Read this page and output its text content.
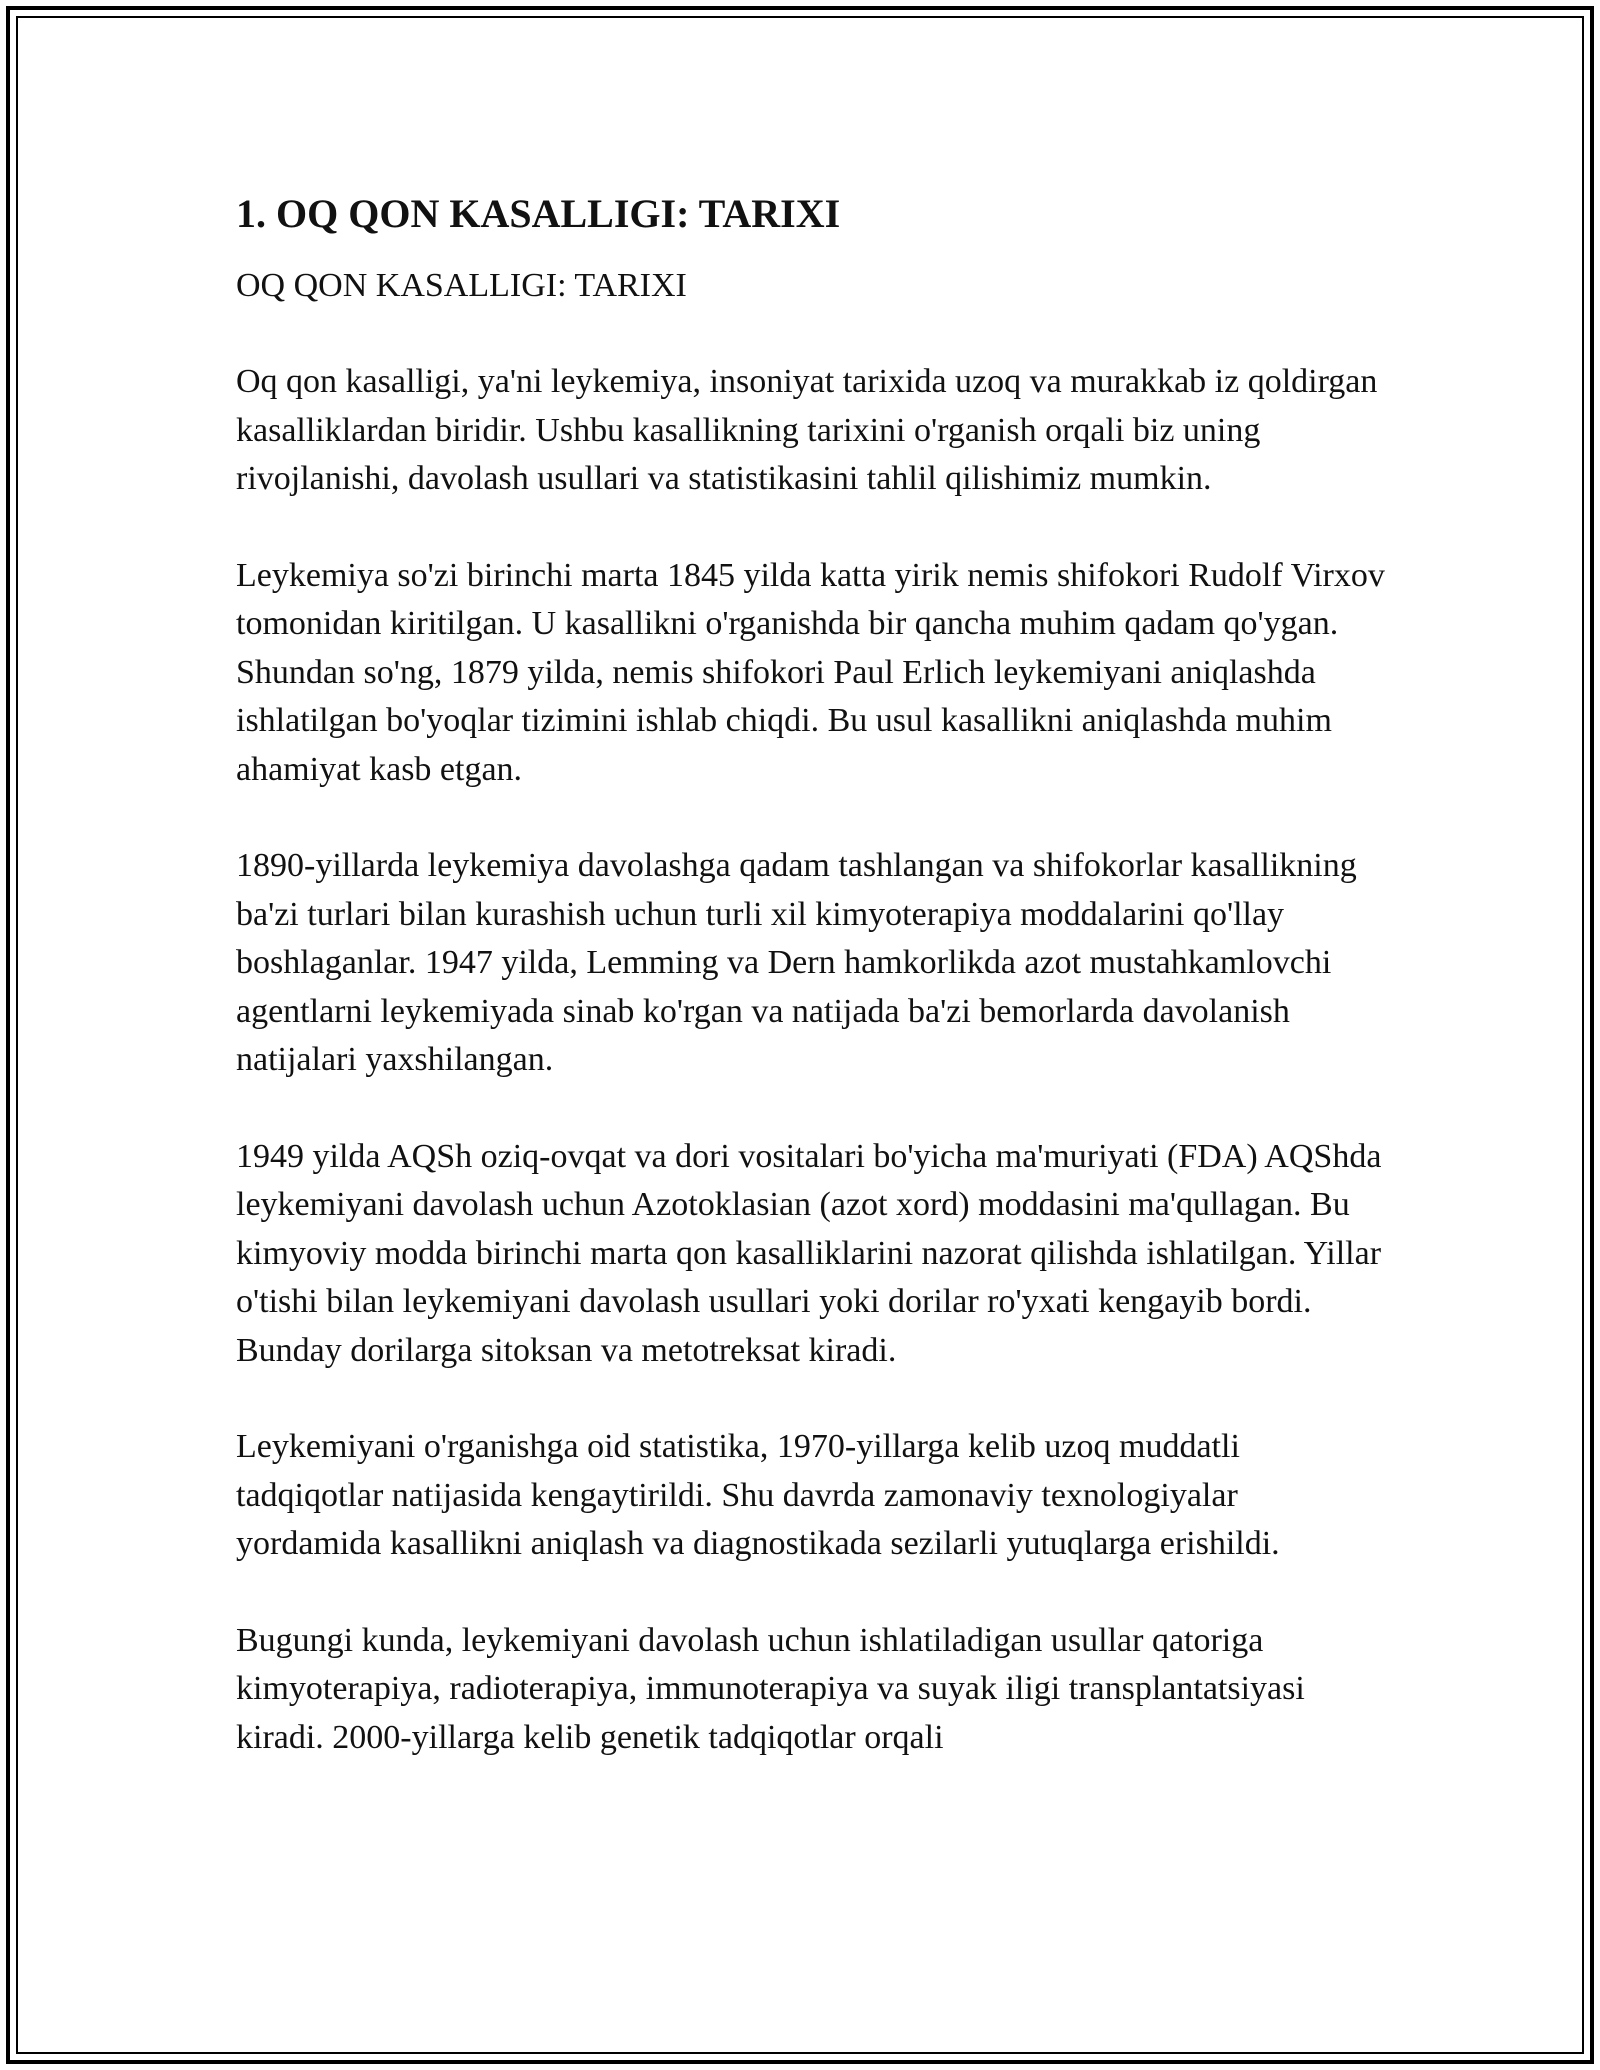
1. OQ QON KASALLIGI: TARIXI

OQ QON KASALLIGI: TARIXI

Oq qon kasalligi, ya'ni leykemiya, insoniyat tarixida uzoq va murakkab iz qoldirgan kasalliklardan biridir. Ushbu kasallikning tarixini o'rganish orqali biz uning rivojlanishi, davolash usullari va statistikasini tahlil qilishimiz mumkin.

Leykemiya so'zi birinchi marta 1845 yilda katta yirik nemis shifokori Rudolf Virxov tomonidan kiritilgan. U kasallikni o'rganishda bir qancha muhim qadam qo'ygan. Shundan so'ng, 1879 yilda, nemis shifokori Paul Erlich leykemiyani aniqlashda ishlatilgan bo'yoqlar tizimini ishlab chiqdi. Bu usul kasallikni aniqlashda muhim ahamiyat kasb etgan.

1890-yillarda leykemiya davolashga qadam tashlangan va shifokorlar kasallikning ba'zi turlari bilan kurashish uchun turli xil kimyoterapiya moddalarini qo'llay boshlaganlar. 1947 yilda, Lemming va Dern hamkorlikda azot mustahkamlovchi agentlarni leykemiyada sinab ko'rgan va natijada ba'zi bemorlarda davolanish natijalari yaxshilangan.

1949 yilda AQSh oziq-ovqat va dori vositalari bo'yicha ma'muriyati (FDA) AQShda leykemiyani davolash uchun Azotoklasian (azot xord) moddasini ma'qullagan. Bu kimyoviy modda birinchi marta qon kasalliklarini nazorat qilishda ishlatilgan. Yillar o'tishi bilan leykemiyani davolash usullari yoki dorilar ro'yxati kengayib bordi. Bunday dorilarga sitoksan va metotreksat kiradi.

Leykemiyani o'rganishga oid statistika, 1970-yillarga kelib uzoq muddatli tadqiqotlar natijasida kengaytirildi. Shu davrda zamonaviy texnologiyalar yordamida kasallikni aniqlash va diagnostikada sezilarli yutuqlarga erishildi.

Bugungi kunda, leykemiyani davolash uchun ishlatiladigan usullar qatoriga kimyoterapiya, radioterapiya, immunoterapiya va suyak iligi transplantatsiyasi kiradi. 2000-yillarga kelib genetik tadqiqotlar orqali
